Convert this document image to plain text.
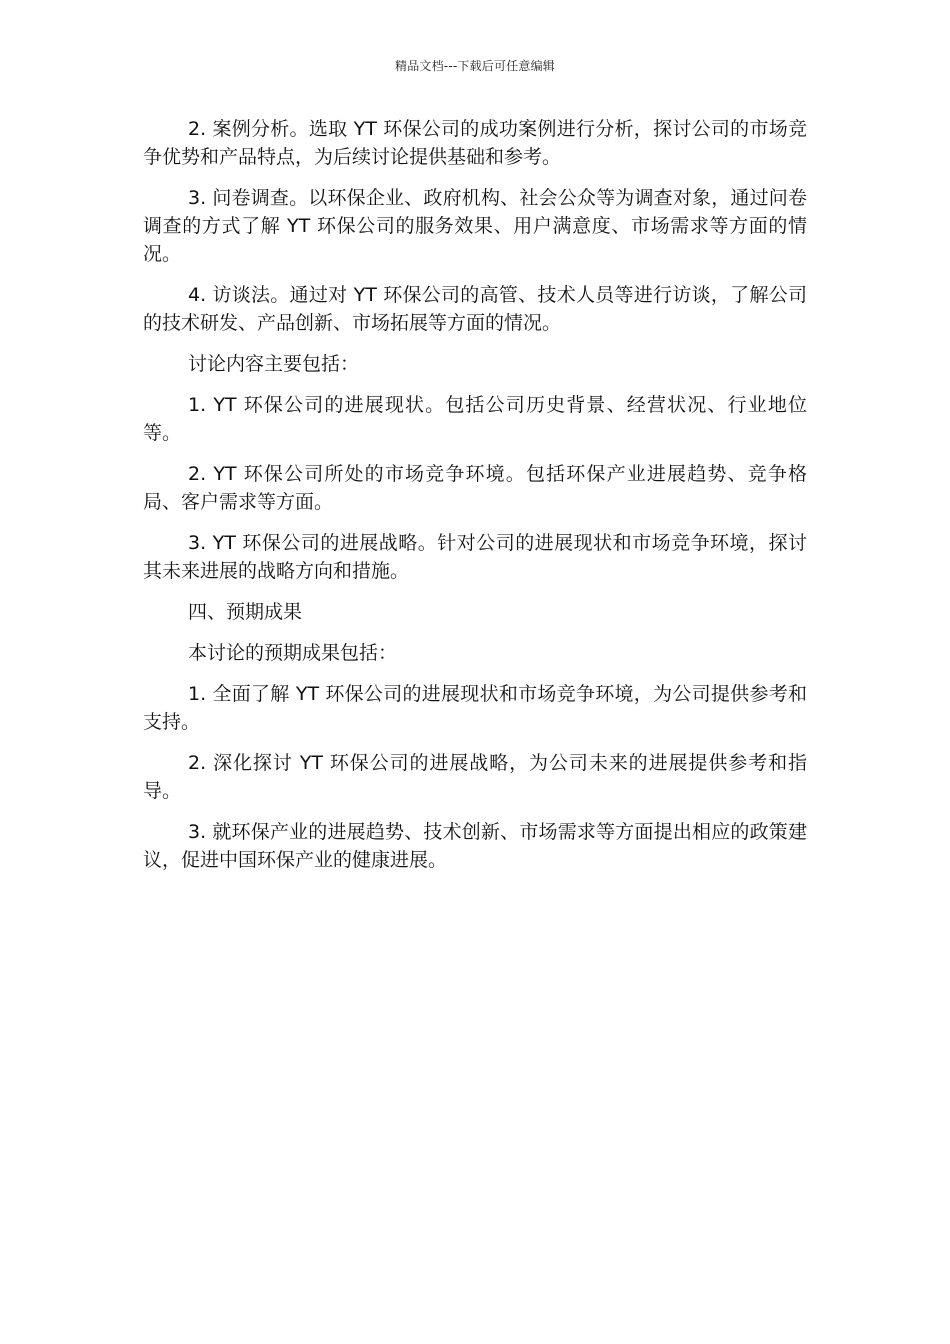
精品文档---下载后可任意编辑

2. 案例分析。选取 YT 环保公司的成功案例进行分析，探讨公司的市场竞争优势和产品特点，为后续讨论提供基础和参考。

3. 问卷调查。以环保企业、政府机构、社会公众等为调查对象，通过问卷调查的方式了解 YT 环保公司的服务效果、用户满意度、市场需求等方面的情况。

4. 访谈法。通过对 YT 环保公司的高管、技术人员等进行访谈，了解公司的技术研发、产品创新、市场拓展等方面的情况。

讨论内容主要包括：

1. YT 环保公司的进展现状。包括公司历史背景、经营状况、行业地位等。

2. YT 环保公司所处的市场竞争环境。包括环保产业进展趋势、竞争格局、客户需求等方面。

3. YT 环保公司的进展战略。针对公司的进展现状和市场竞争环境，探讨其未来进展的战略方向和措施。

四、预期成果

本讨论的预期成果包括：

1. 全面了解 YT 环保公司的进展现状和市场竞争环境，为公司提供参考和支持。

2. 深化探讨 YT 环保公司的进展战略，为公司未来的进展提供参考和指导。

3. 就环保产业的进展趋势、技术创新、市场需求等方面提出相应的政策建议，促进中国环保产业的健康进展。
